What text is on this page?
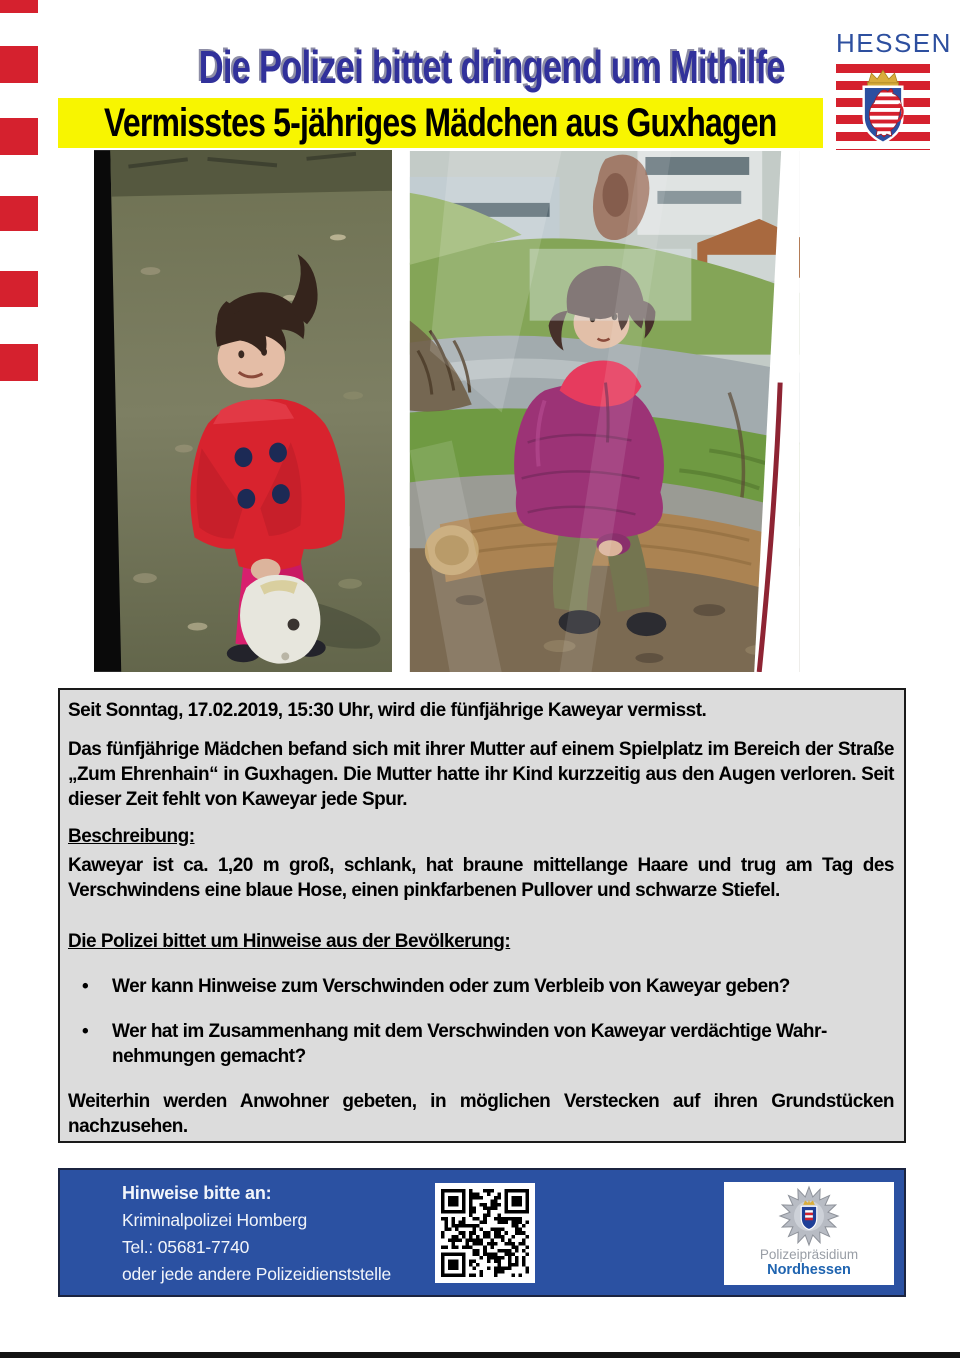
Die Polizei bittet dringend um Mithilfe
Vermisstes 5-jähriges Mädchen aus Guxhagen
HESSEN

Seit Sonntag, 17.02.2019, 15:30 Uhr, wird die fünfjährige Kaweyar vermisst.

Das fünfjährige Mädchen befand sich mit ihrer Mutter auf einem Spielplatz im Bereich der Straße „Zum Ehrenhain“ in Guxhagen. Die Mutter hatte ihr Kind kurzzeitig aus den Augen verloren. Seit dieser Zeit fehlt von Kaweyar jede Spur.

Beschreibung:

Kaweyar ist ca. 1,20 m groß, schlank, hat braune mittellange Haare und trug am Tag des Verschwindens eine blaue Hose, einen pinkfarbenen Pullover und schwarze Stiefel.

Die Polizei bittet um Hinweise aus der Bevölkerung:

• Wer kann Hinweise zum Verschwinden oder zum Verbleib von Kaweyar geben?

• Wer hat im Zusammenhang mit dem Verschwinden von Kaweyar verdächtige Wahrnehmungen gemacht?

Weiterhin werden Anwohner gebeten, in möglichen Verstecken auf ihren Grundstücken nachzusehen.

Hinweise bitte an:
Kriminalpolizei Homberg
Tel.: 05681-7740
oder jede andere Polizeidienststelle
Polizeipräsidium
Nordhessen
